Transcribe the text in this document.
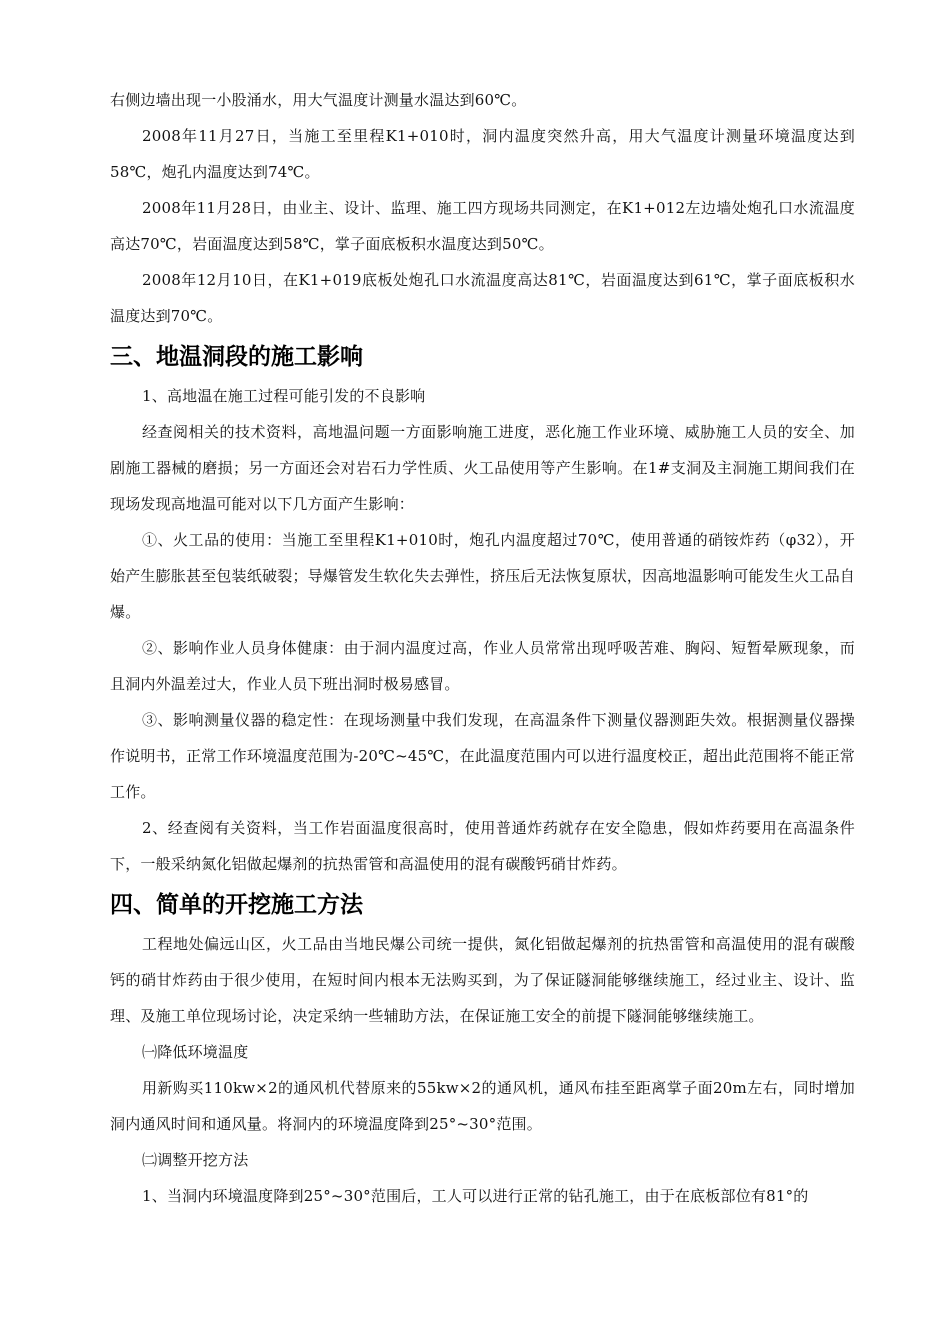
右侧边墙出现一小股涌水，用大气温度计测量水温达到60℃。

2008年11月27日，当施工至里程K1+010时，洞内温度突然升高，用大气温度计测量环境温度达到58℃，炮孔内温度达到74℃。

2008年11月28日，由业主、设计、监理、施工四方现场共同测定，在K1+012左边墙处炮孔口水流温度高达70℃，岩面温度达到58℃，掌子面底板积水温度达到50℃。

2008年12月10日，在K1+019底板处炮孔口水流温度高达81℃，岩面温度达到61℃，掌子面底板积水温度达到70℃。

三、地温洞段的施工影响

1、高地温在施工过程可能引发的不良影响

经查阅相关的技术资料，高地温问题一方面影响施工进度，恶化施工作业环境、威胁施工人员的安全、加剧施工器械的磨损；另一方面还会对岩石力学性质、火工品使用等产生影响。在1#支洞及主洞施工期间我们在现场发现高地温可能对以下几方面产生影响：

①、火工品的使用：当施工至里程K1+010时，炮孔内温度超过70℃，使用普通的硝铵炸药（φ32），开始产生膨胀甚至包装纸破裂；导爆管发生软化失去弹性，挤压后无法恢复原状，因高地温影响可能发生火工品自爆。

②、影响作业人员身体健康：由于洞内温度过高，作业人员常常出现呼吸苦难、胸闷、短暂晕厥现象，而且洞内外温差过大，作业人员下班出洞时极易感冒。

③、影响测量仪器的稳定性：在现场测量中我们发现，在高温条件下测量仪器测距失效。根据测量仪器操作说明书，正常工作环境温度范围为-20℃~45℃，在此温度范围内可以进行温度校正，超出此范围将不能正常工作。

2、经查阅有关资料，当工作岩面温度很高时，使用普通炸药就存在安全隐患，假如炸药要用在高温条件下，一般采纳氮化铝做起爆剂的抗热雷管和高温使用的混有碳酸钙硝甘炸药。

四、简单的开挖施工方法

工程地处偏远山区，火工品由当地民爆公司统一提供，氮化铝做起爆剂的抗热雷管和高温使用的混有碳酸钙的硝甘炸药由于很少使用，在短时间内根本无法购买到，为了保证隧洞能够继续施工，经过业主、设计、监理、及施工单位现场讨论，决定采纳一些辅助方法，在保证施工安全的前提下隧洞能够继续施工。

㈠降低环境温度

用新购买110kw×2的通风机代替原来的55kw×2的通风机，通风布挂至距离掌子面20m左右，同时增加洞内通风时间和通风量。将洞内的环境温度降到25°~30°范围。

㈡调整开挖方法

1、当洞内环境温度降到25°~30°范围后，工人可以进行正常的钻孔施工，由于在底板部位有81°的
